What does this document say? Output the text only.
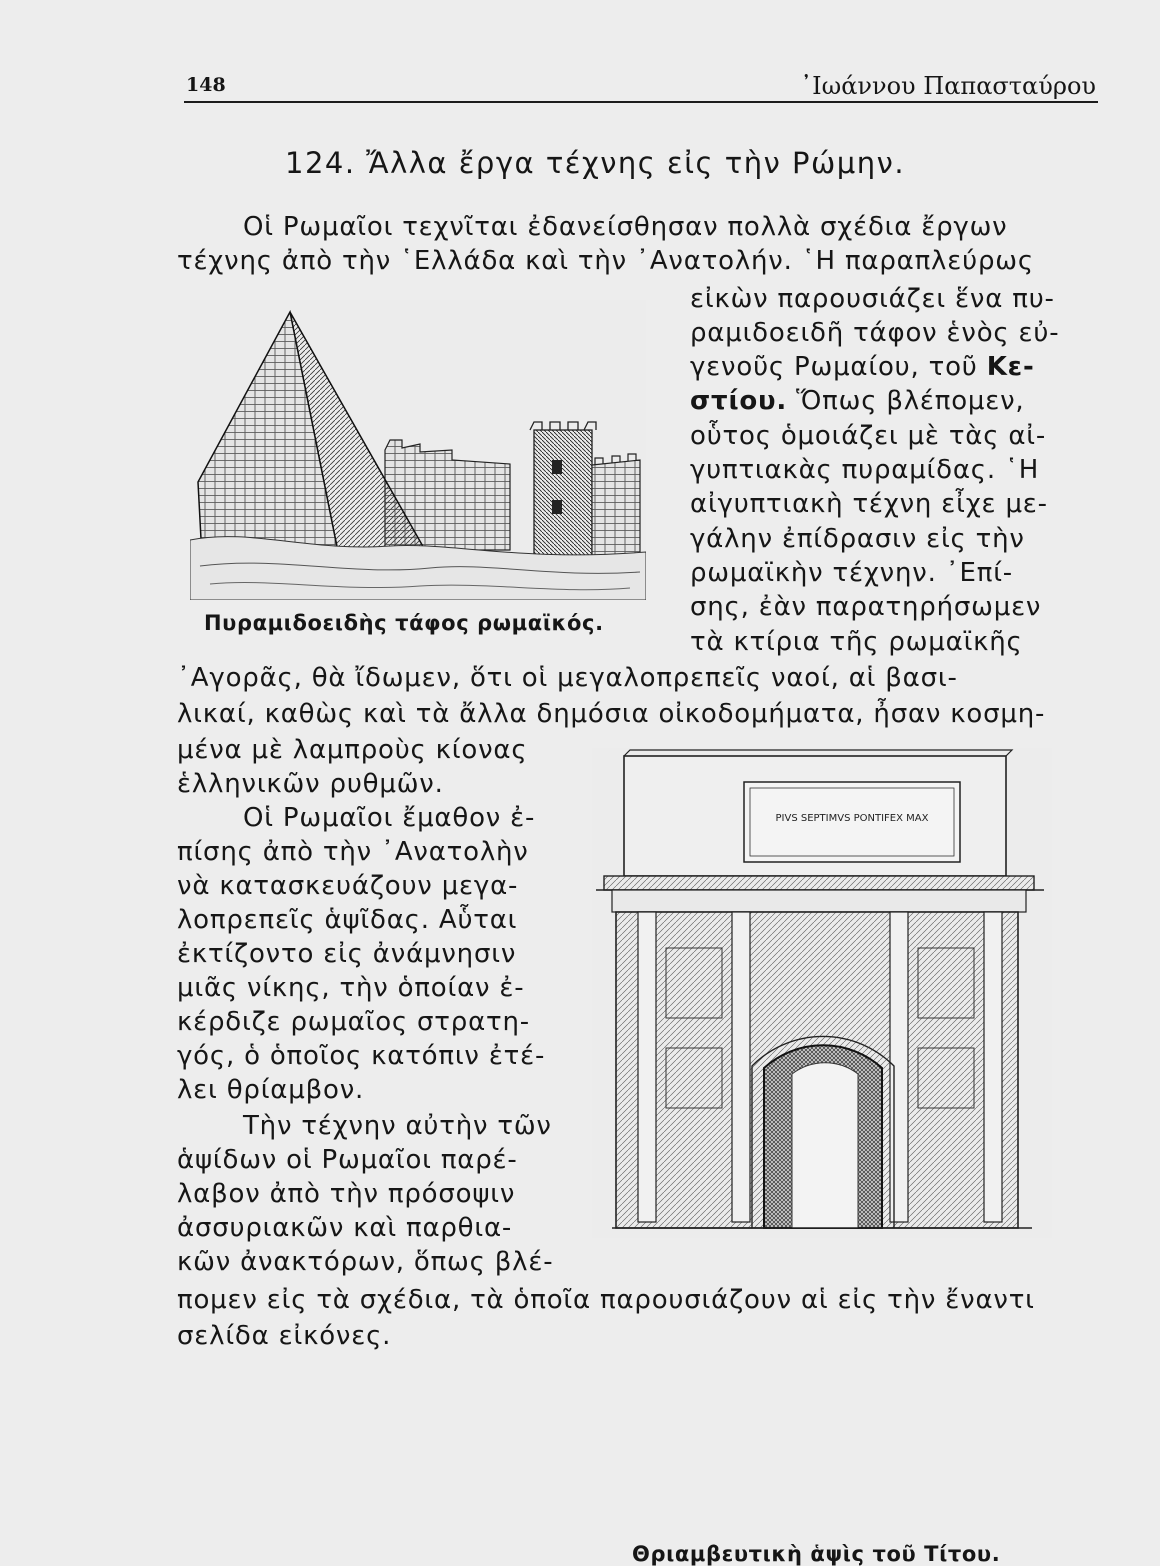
148	᾿Ιωάννου Παπασταύρου
124. Ἄλλα ἔργα τέχνης εἰς τὴν Ρώμην.
Οἱ Ρωμαῖοι τεχνῖται ἐδανείσθησαν πολλὰ σχέδια ἔργων
τέχνης ἀπὸ τὴν ῾Ελλάδα καὶ τὴν ᾿Ανατολήν. ῾Η παραπλεύρως
εἰκὼν παρουσιάζει ἕνα πυ-
ραμιδοειδῆ τάφον ἑνὸς εὐ-
γενοῦς Ρωμαίου, τοῦ Κε-
στίου. Ὅπως βλέπομεν,
οὗτος ὁμοιάζει μὲ τὰς αἰ-
γυπτιακὰς πυραμίδας. ῾Η
αἰγυπτιακὴ τέχνη εἶχε με-
γάλην ἐπίδρασιν εἰς τὴν
ρωμαϊκὴν τέχνην. ᾿Επί-
σης, ἐὰν παρατηρήσωμεν
τὰ κτίρια τῆς ρωμαϊκῆς
᾿Αγορᾶς, θὰ ἴδωμεν, ὅτι οἱ μεγαλοπρεπεῖς ναοί, αἱ βασι-
λικαί, καθὼς καὶ τὰ ἄλλα δημόσια οἰκοδομήματα, ἦσαν κοσμη-
μένα μὲ λαμπροὺς κίονας
ἑλληνικῶν ρυθμῶν.
Οἱ Ρωμαῖοι ἔμαθον ἐ-
πίσης ἀπὸ τὴν ᾿Ανατολὴν
νὰ κατασκευάζουν μεγα-
λοπρεπεῖς ἁψῖδας. Αὗται
ἐκτίζοντο εἰς ἀνάμνησιν
μιᾶς νίκης, τὴν ὁποίαν ἐ-
κέρδιζε ρωμαῖος στρατη-
γός, ὁ ὁποῖος κατόπιν ἐτέ-
λει θρίαμβον.
Τὴν τέχνην αὐτὴν τῶν
ἁψίδων οἱ Ρωμαῖοι παρέ-
λαβον ἀπὸ τὴν πρόσοψιν
ἀσσυριακῶν καὶ παρθια-
κῶν ἀνακτόρων, ὅπως βλέ-
πομεν εἰς τὰ σχέδια, τὰ ὁποῖα παρουσιάζουν αἱ εἰς τὴν ἔναντι
σελίδα εἰκόνες.
Πυραμιδοειδὴς τάφος ρωμαϊκός.
PIVS SEPTIMVS PONTIFEX MAX
Θριαμβευτικὴ ἁψὶς τοῦ Τίτου.
